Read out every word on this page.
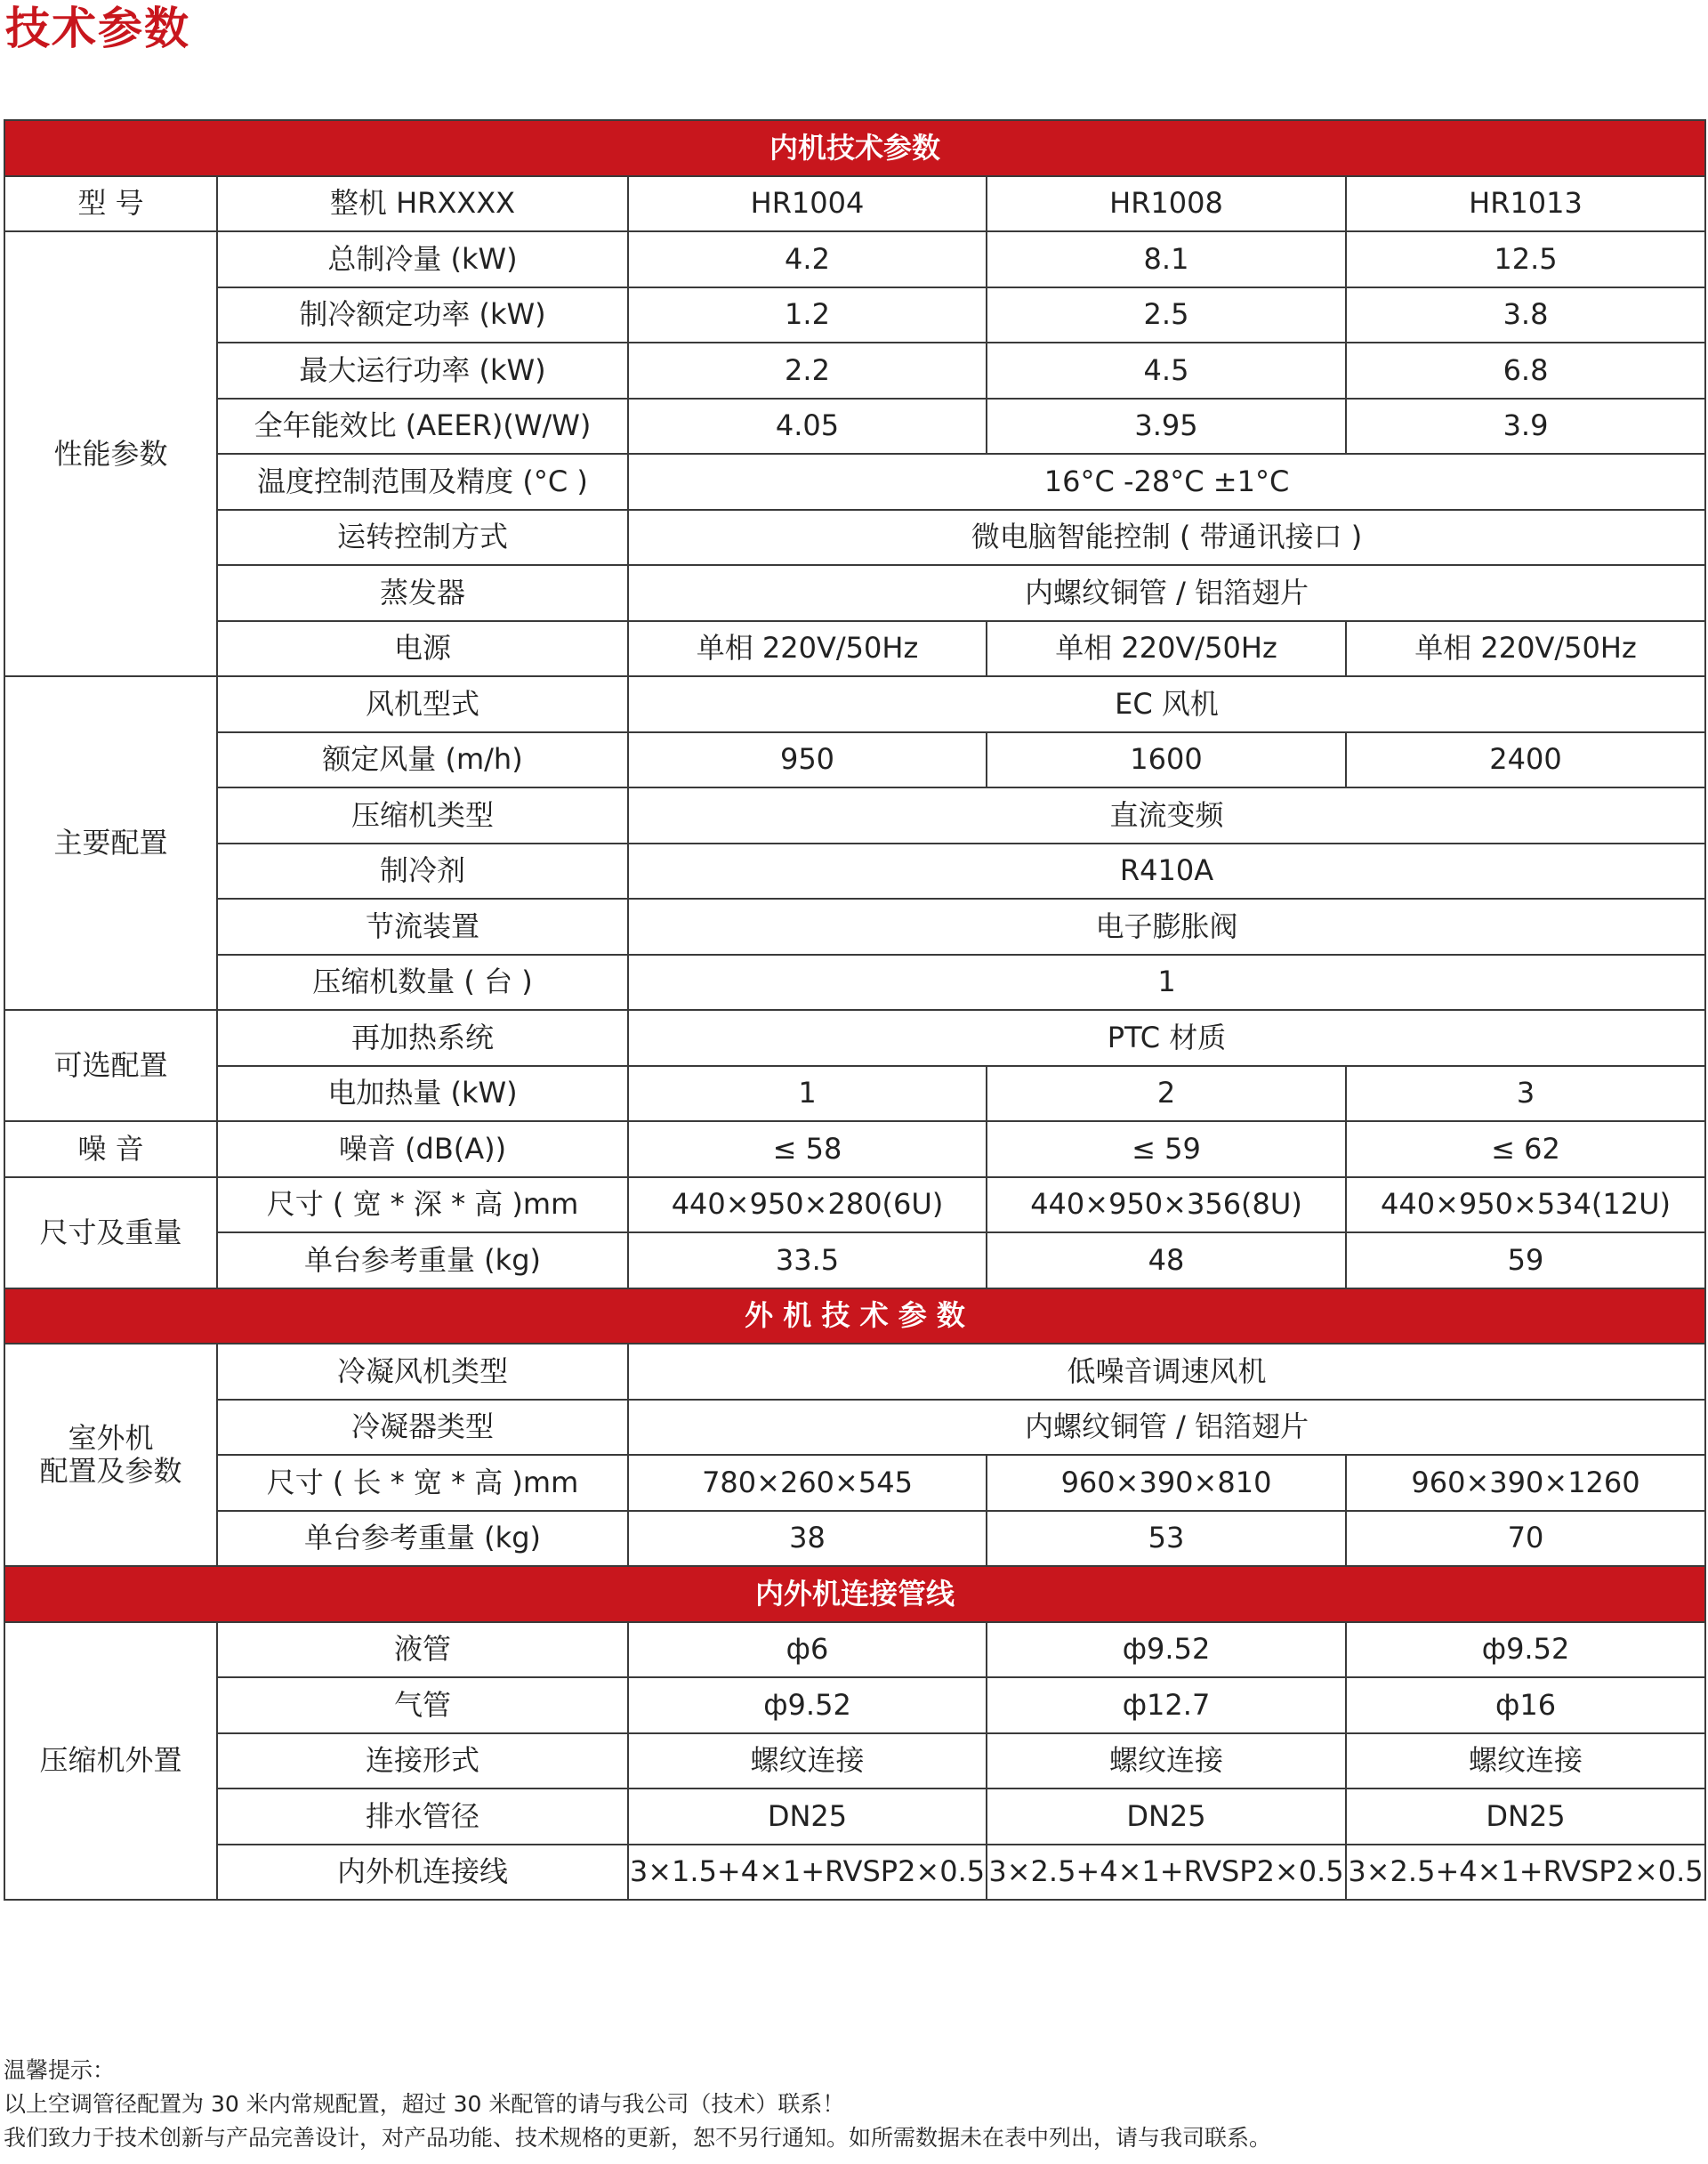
技术参数
内机技术参数				
型 号	整机 HRXXXX	HR1004	HR1008	HR1013
性能参数	总制冷量 (kW)	4.2	8.1	12.5
	制冷额定功率 (kW)	1.2	2.5	3.8
	最大运行功率 (kW)	2.2	4.5	6.8
	全年能效比 (AEER)(W/W)	4.05	3.95	3.9
	温度控制范围及精度 (°C )	16°C -28°C ±1°C		
	运转控制方式	微电脑智能控制 ( 带通讯接口 )		
	蒸发器	内螺纹铜管 / 铝箔翅片		
	电源	单相 220V/50Hz	单相 220V/50Hz	单相 220V/50Hz
主要配置	风机型式	EC 风机		
	额定风量 (m/h)	950	1600	2400
	压缩机类型	直流变频		
	制冷剂	R410A		
	节流装置	电子膨胀阀		
	压缩机数量 ( 台 )	1		
可选配置	再加热系统	PTC 材质		
	电加热量 (kW)	1	2	3
噪 音	噪音 (dB(A))	≤ 58	≤ 59	≤ 62
尺寸及重量	尺寸 ( 宽 * 深 * 高 )mm	440×950×280(6U)	440×950×356(8U)	440×950×534(12U)
	单台参考重量 (kg)	33.5	48	59
外 机 技 术 参 数				
室外机
配置及参数	冷凝风机类型	低噪音调速风机		
	冷凝器类型	内螺纹铜管 / 铝箔翅片		
	尺寸 ( 长 * 宽 * 高 )mm	780×260×545	960×390×810	960×390×1260
	单台参考重量 (kg)	38	53	70
内外机连接管线				
压缩机外置	液管	ф6	ф9.52	ф9.52
	气管	ф9.52	ф12.7	ф16
	连接形式	螺纹连接	螺纹连接	螺纹连接
	排水管径	DN25	DN25	DN25
	内外机连接线	3×1.5+4×1+RVSP2×0.5	3×2.5+4×1+RVSP2×0.5	3×2.5+4×1+RVSP2×0.5
温馨提示：
以上空调管径配置为 30 米内常规配置，超过 30 米配管的请与我公司（技术）联系！
我们致力于技术创新与产品完善设计，对产品功能、技术规格的更新，恕不另行通知。如所需数据未在表中列出，请与我司联系。
